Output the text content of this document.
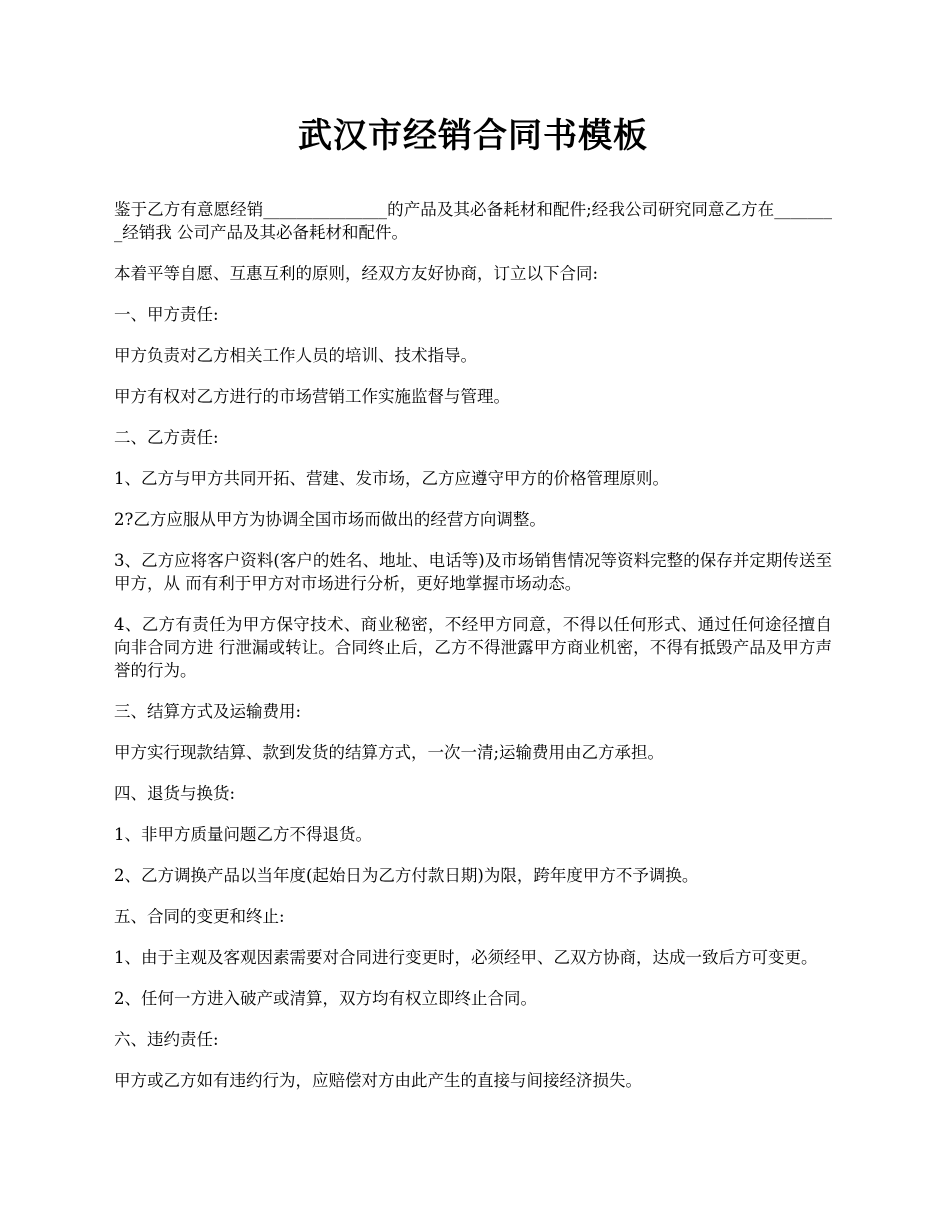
武汉市经销合同书模板

鉴于乙方有意愿经销_______________的产品及其必备耗材和配件;经我公司研究同意乙方在________经销我 公司产品及其必备耗材和配件。

本着平等自愿、互惠互利的原则，经双方友好协商，订立以下合同:

一、甲方责任:

甲方负责对乙方相关工作人员的培训、技术指导。

甲方有权对乙方进行的市场营销工作实施监督与管理。

二、乙方责任:

1、乙方与甲方共同开拓、营建、发市场，乙方应遵守甲方的价格管理原则。

2?乙方应服从甲方为协调全国市场而做出的经营方向调整。

3、乙方应将客户资料(客户的姓名、地址、电话等)及市场销售情况等资料完整的保存并定期传送至甲方，从 而有利于甲方对市场进行分析，更好地掌握市场动态。

4、乙方有责任为甲方保守技术、商业秘密，不经甲方同意，不得以任何形式、通过任何途径擅自向非合同方进 行泄漏或转让。合同终止后，乙方不得泄露甲方商业机密，不得有抵毁产品及甲方声誉的行为。

三、结算方式及运输费用:

甲方实行现款结算、款到发货的结算方式，一次一清;运输费用由乙方承担。

四、退货与换货:

1、非甲方质量问题乙方不得退货。

2、乙方调换产品以当年度(起始日为乙方付款日期)为限，跨年度甲方不予调换。

五、合同的变更和终止:

1、由于主观及客观因素需要对合同进行变更时，必须经甲、乙双方协商，达成一致后方可变更。

2、任何一方进入破产或清算，双方均有权立即终止合同。

六、违约责任:

甲方或乙方如有违约行为，应赔偿对方由此产生的直接与间接经济损失。
